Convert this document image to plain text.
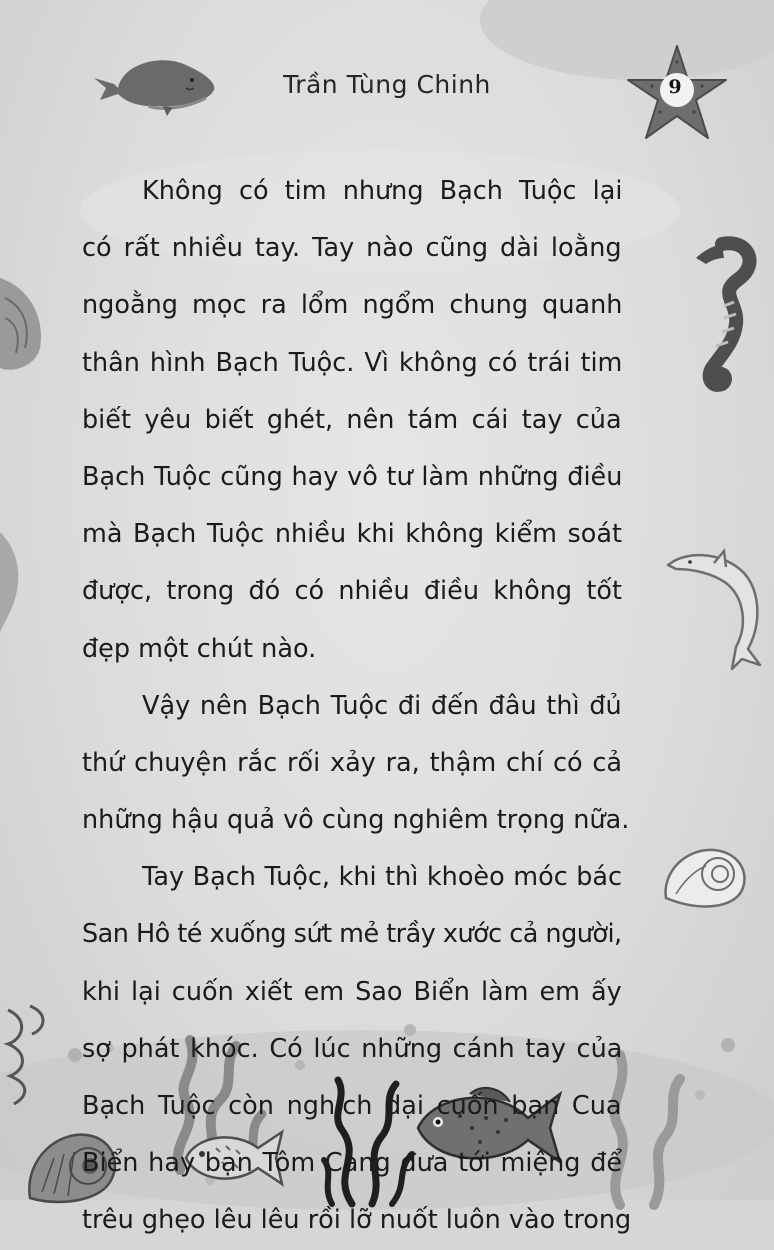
Trần Tùng Chinh	9
Không có tim nhưng Bạch Tuộc lại
có rất nhiều tay. Tay nào cũng dài loằng
ngoằng mọc ra lổm ngổm chung quanh
thân hình Bạch Tuộc. Vì không có trái tim
biết yêu biết ghét, nên tám cái tay của
Bạch Tuộc cũng hay vô tư làm những điều
mà Bạch Tuộc nhiều khi không kiểm soát
được, trong đó có nhiều điều không tốt
đẹp một chút nào.
Vậy nên Bạch Tuộc đi đến đâu thì đủ
thứ chuyện rắc rối xảy ra, thậm chí có cả
những hậu quả vô cùng nghiêm trọng nữa.
Tay Bạch Tuộc, khi thì khoèo móc bác
San Hô té xuống sứt mẻ trầy xước cả người,
khi lại cuốn xiết em Sao Biển làm em ấy
sợ phát khóc. Có lúc những cánh tay của
Bạch Tuộc còn nghịch dại cuốn bạn Cua
Biển hay bạn Tôm Càng đưa tới miệng để
trêu ghẹo lêu lêu rồi lỡ nuốt luôn vào trong
